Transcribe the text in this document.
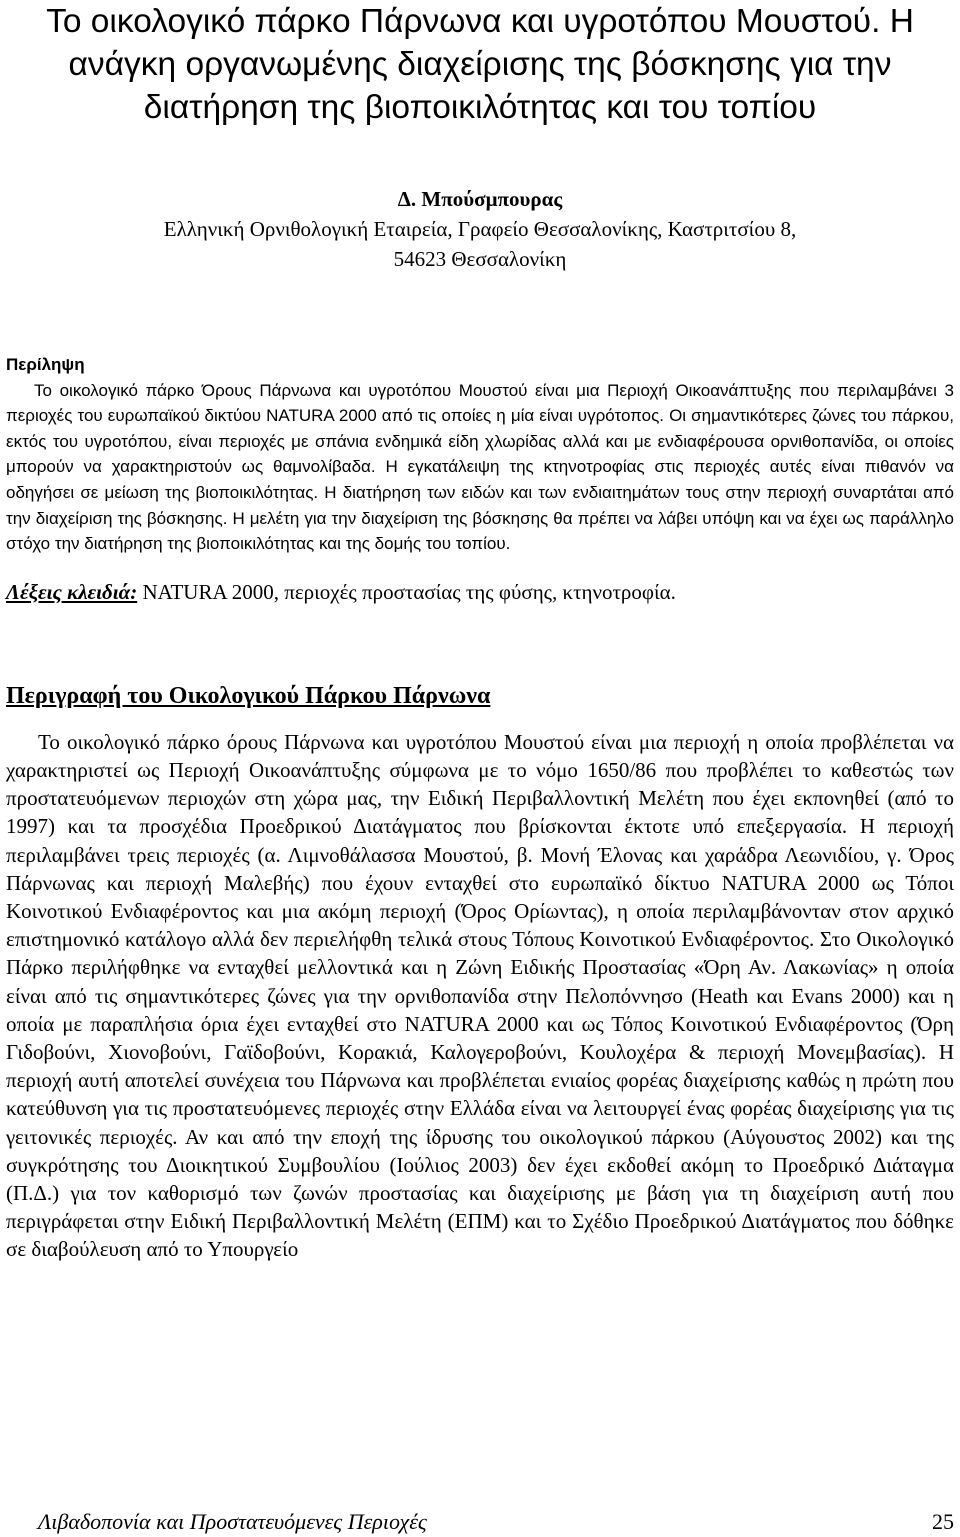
Το οικολογικό πάρκο Πάρνωνα και υγροτόπου Μουστού. Η ανάγκη οργανωμένης διαχείρισης της βόσκησης για την διατήρηση της βιοποικιλότητας και του τοπίου
Δ. Μπούσμπουρας
Ελληνική Ορνιθολογική Εταιρεία, Γραφείο Θεσσαλονίκης, Καστριτσίου 8,
54623 Θεσσαλονίκη

Περίληψη

Το οικολογικό πάρκο Όρους Πάρνωνα και υγροτόπου Μουστού είναι μια Περιοχή Οικοανάπτυξης που περιλαμβάνει 3 περιοχές του ευρωπαϊκού δικτύου NATURA 2000 από τις οποίες η μία είναι υγρότοπος. Οι σημαντικότερες ζώνες του πάρκου, εκτός του υγροτόπου, είναι περιοχές με σπάνια ενδημικά είδη χλωρίδας αλλά και με ενδιαφέρουσα ορνιθοπανίδα, οι οποίες μπορούν να χαρακτηριστούν ως θαμνολίβαδα. Η εγκατάλειψη της κτηνοτροφίας στις περιοχές αυτές είναι πιθανόν να οδηγήσει σε μείωση της βιοποικιλότητας. Η διατήρηση των ειδών και των ενδιαιτημάτων τους στην περιοχή συναρτάται από την διαχείριση της βόσκησης. Η μελέτη για την διαχείριση της βόσκησης θα πρέπει να λάβει υπόψη και να έχει ως παράλληλο στόχο την διατήρηση της βιοποικιλότητας και της δομής του τοπίου.

Λέξεις κλειδιά: NATURA 2000, περιοχές προστασίας της φύσης, κτηνοτροφία.
Περιγραφή του Οικολογικού Πάρκου Πάρνωνα

Το οικολογικό πάρκο όρους Πάρνωνα και υγροτόπου Μουστού είναι μια περιοχή η οποία προβλέπεται να χαρακτηριστεί ως Περιοχή Οικοανάπτυξης σύμφωνα με το νόμο 1650/86 που προβλέπει το καθεστώς των προστατευόμενων περιοχών στη χώρα μας, την Ειδική Περιβαλλοντική Μελέτη που έχει εκπονηθεί (από το 1997) και τα προσχέδια Προεδρικού Διατάγματος που βρίσκονται έκτοτε υπό επεξεργασία. Η περιοχή περιλαμβάνει τρεις περιοχές (α. Λιμνοθάλασσα Μουστού, β. Μονή Έλονας και χαράδρα Λεωνιδίου, γ. Όρος Πάρνωνας και περιοχή Μαλεβής) που έχουν ενταχθεί στο ευρωπαϊκό δίκτυο NATURA 2000 ως Τόποι Κοινοτικού Ενδιαφέροντος και μια ακόμη περιοχή (Όρος Ορίωντας), η οποία περιλαμβάνονταν στον αρχικό επιστημονικό κατάλογο αλλά δεν περιελήφθη τελικά στους Τόπους Κοινοτικού Ενδιαφέροντος. Στο Οικολογικό Πάρκο περιλήφθηκε να ενταχθεί μελλοντικά και η Ζώνη Ειδικής Προστασίας «Όρη Αν. Λακωνίας» η οποία είναι από τις σημαντικότερες ζώνες για την ορνιθοπανίδα στην Πελοπόννησο (Heath και Evans 2000) και η οποία με παραπλήσια όρια έχει ενταχθεί στο NATURA 2000 και ως Τόπος Κοινοτικού Ενδιαφέροντος (Όρη Γιδοβούνι, Χιονοβούνι, Γαϊδοβούνι, Κορακιά, Καλογεροβούνι, Κουλοχέρα & περιοχή Μονεμβασίας). Η περιοχή αυτή αποτελεί συνέχεια του Πάρνωνα και προβλέπεται ενιαίος φορέας διαχείρισης καθώς η πρώτη που κατεύθυνση για τις προστατευόμενες περιοχές στην Ελλάδα είναι να λειτουργεί ένας φορέας διαχείρισης για τις γειτονικές περιοχές. Αν και από την εποχή της ίδρυσης του οικολογικού πάρκου (Αύγουστος 2002) και της συγκρότησης του Διοικητικού Συμβουλίου (Ιούλιος 2003) δεν έχει εκδοθεί ακόμη το Προεδρικό Διάταγμα (Π.Δ.) για τον καθορισμό των ζωνών προστασίας και διαχείρισης με βάση για τη διαχείριση αυτή που περιγράφεται στην Ειδική Περιβαλλοντική Μελέτη (ΕΠΜ) και το Σχέδιο Προεδρικού Διατάγματος που δόθηκε σε διαβούλευση από το Υπουργείο

Λιβαδοπονία και Προστατευόμενες Περιοχές	25
